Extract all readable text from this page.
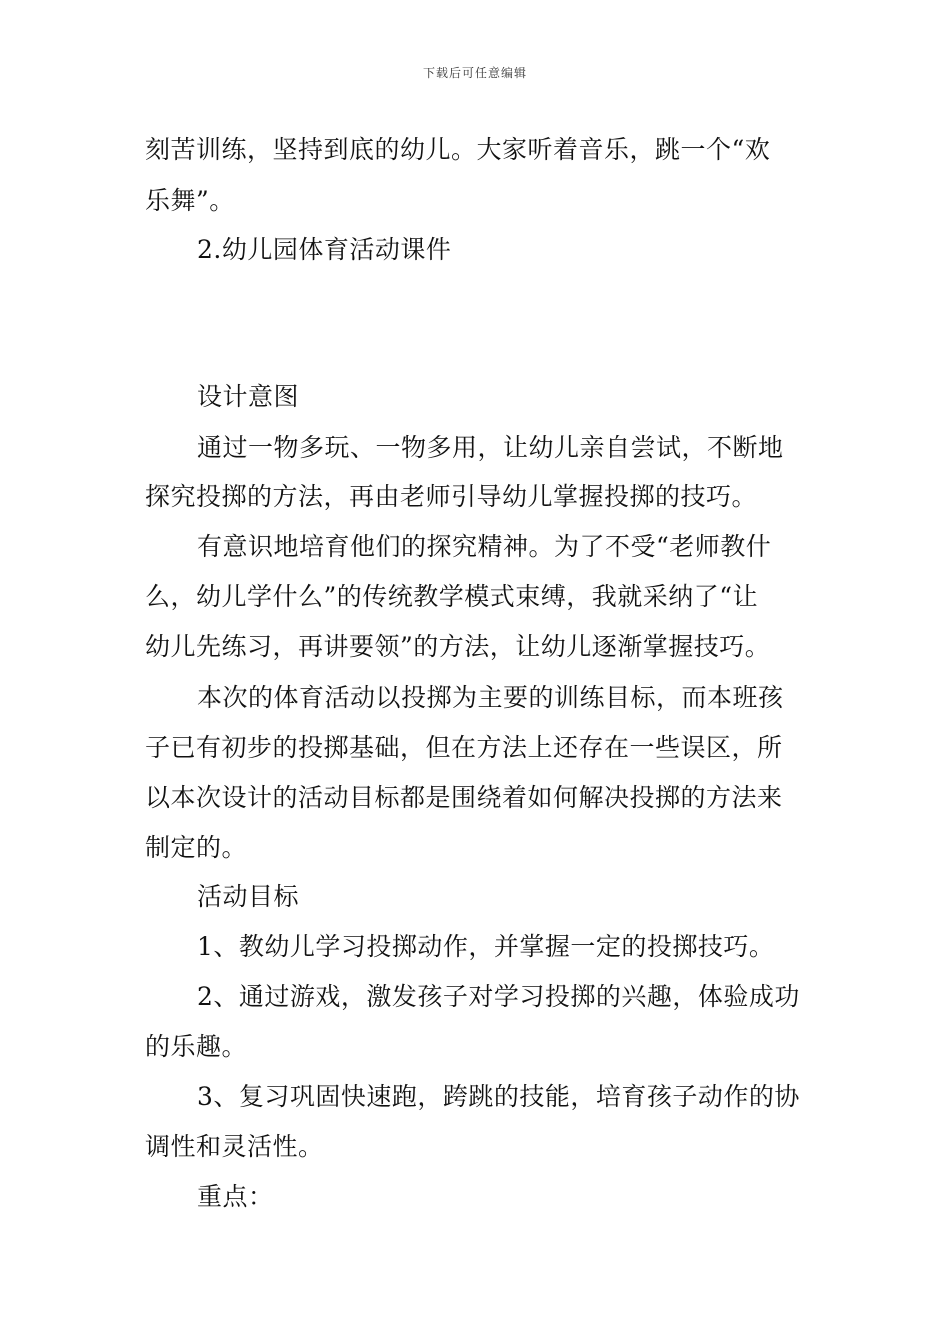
下载后可任意编辑
刻苦训练，坚持到底的幼儿。大家听着音乐，跳一个“欢
乐舞”。
2.幼儿园体育活动课件
设计意图
通过一物多玩、一物多用，让幼儿亲自尝试，不断地
探究投掷的方法，再由老师引导幼儿掌握投掷的技巧。
有意识地培育他们的探究精神。为了不受“老师教什
么，幼儿学什么”的传统教学模式束缚，我就采纳了“让
幼儿先练习，再讲要领”的方法，让幼儿逐渐掌握技巧。
本次的体育活动以投掷为主要的训练目标，而本班孩
子已有初步的投掷基础，但在方法上还存在一些误区，所
以本次设计的活动目标都是围绕着如何解决投掷的方法来
制定的。
活动目标
1、教幼儿学习投掷动作，并掌握一定的投掷技巧。
2、通过游戏，激发孩子对学习投掷的兴趣，体验成功
的乐趣。
3、复习巩固快速跑，跨跳的技能，培育孩子动作的协
调性和灵活性。
重点：
